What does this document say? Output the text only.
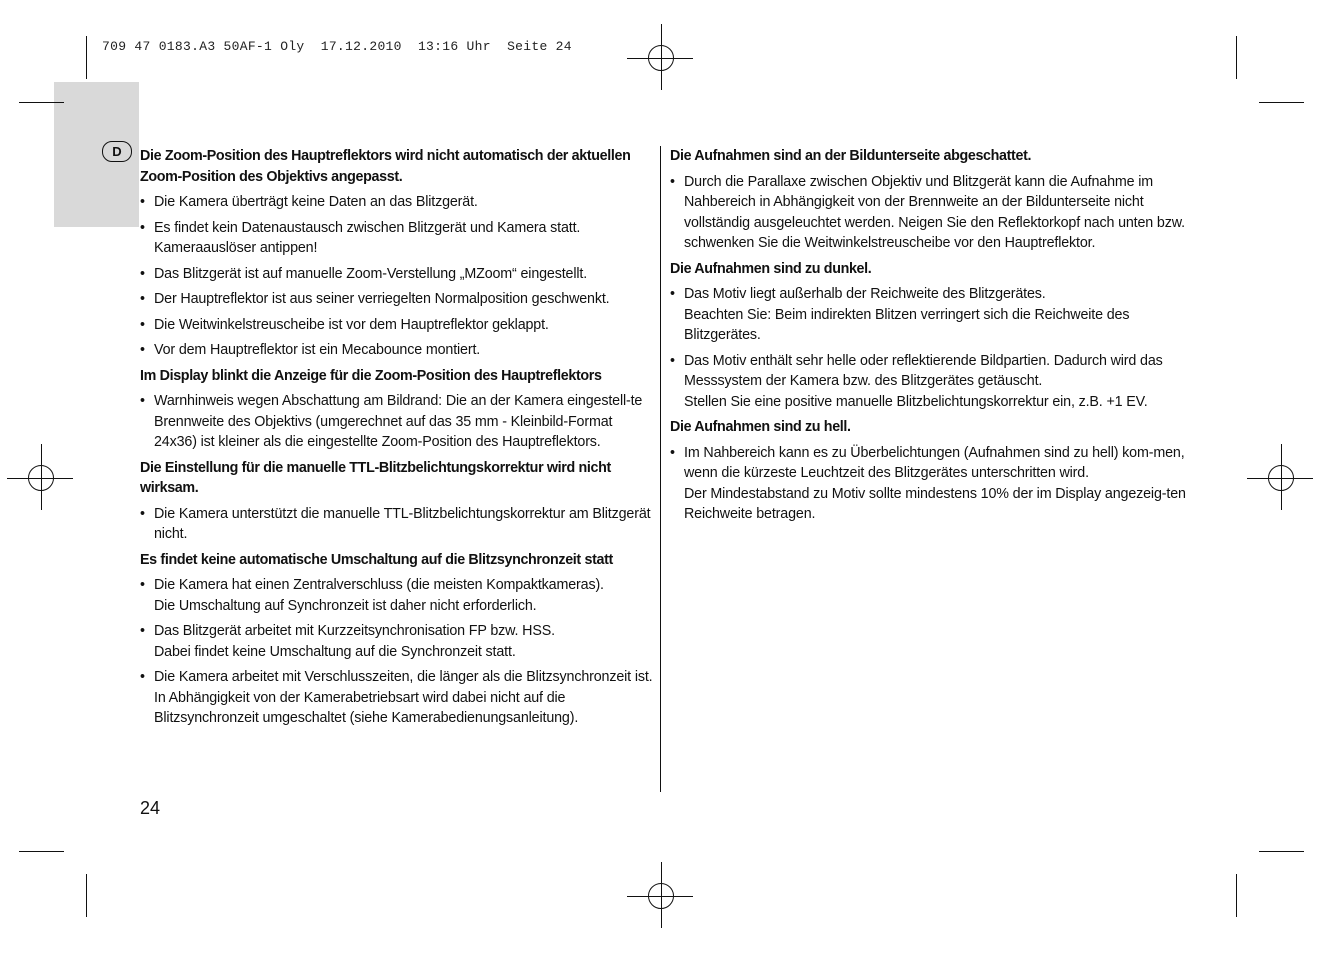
709 47 0183.A3 50AF-1 Oly  17.12.2010  13:16 Uhr  Seite 24
D	Die Zoom-Position des Hauptreflektors wird nicht automatisch der aktuellen Zoom-Position des Objektivs angepasst.
• Die Kamera überträgt keine Daten an das Blitzgerät.
• Es findet kein Datenaustausch zwischen Blitzgerät und Kamera statt. Kameraauslöser antippen!
• Das Blitzgerät ist auf manuelle Zoom-Verstellung „MZoom“ eingestellt.
• Der Hauptreflektor ist aus seiner verriegelten Normalposition geschwenkt.
• Die Weitwinkelstreuscheibe ist vor dem Hauptreflektor geklappt.
• Vor dem Hauptreflektor ist ein Mecabounce montiert.
Im Display blinkt die Anzeige für die Zoom-Position des Hauptreflektors
• Warnhinweis wegen Abschattung am Bildrand: Die an der Kamera eingestell-te Brennweite des Objektivs (umgerechnet auf das 35 mm - Kleinbild-Format 24x36) ist kleiner als die eingestellte Zoom-Position des Hauptreflektors.
Die Einstellung für die manuelle TTL-Blitzbelichtungskorrektur wird nicht wirksam.
• Die Kamera unterstützt die manuelle TTL-Blitzbelichtungskorrektur am Blitzgerät nicht.
Es findet keine automatische Umschaltung auf die Blitzsynchronzeit statt
• Die Kamera hat einen Zentralverschluss (die meisten Kompaktkameras).
Die Umschaltung auf Synchronzeit ist daher nicht erforderlich.
• Das Blitzgerät arbeitet mit Kurzzeitsynchronisation FP bzw. HSS.
Dabei findet keine Umschaltung auf die Synchronzeit statt.
• Die Kamera arbeitet mit Verschlusszeiten, die länger als die Blitzsynchronzeit ist. In Abhängigkeit von der Kamerabetriebsart wird dabei nicht auf die Blitzsynchronzeit umgeschaltet (siehe Kamerabedienungsanleitung).
Die Aufnahmen sind an der Bildunterseite abgeschattet.
• Durch die Parallaxe zwischen Objektiv und Blitzgerät kann die Aufnahme im Nahbereich in Abhängigkeit von der Brennweite an der Bildunterseite nicht vollständig ausgeleuchtet werden. Neigen Sie den Reflektorkopf nach unten bzw. schwenken Sie die Weitwinkelstreuscheibe vor den Hauptreflektor.
Die Aufnahmen sind zu dunkel.
• Das Motiv liegt außerhalb der Reichweite des Blitzgerätes.
Beachten Sie: Beim indirekten Blitzen verringert sich die Reichweite des
Blitzgerätes.
• Das Motiv enthält sehr helle oder reflektierende Bildpartien. Dadurch wird das Messsystem der Kamera bzw. des Blitzgerätes getäuscht.
Stellen Sie eine positive manuelle Blitzbelichtungskorrektur ein, z.B. +1 EV.
Die Aufnahmen sind zu hell.
• Im Nahbereich kann es zu Überbelichtungen (Aufnahmen sind zu hell) kom-men, wenn die kürzeste Leuchtzeit des Blitzgerätes unterschritten wird.
Der Mindestabstand zu Motiv sollte mindestens 10% der im Display angezeig-ten Reichweite betragen.
24
